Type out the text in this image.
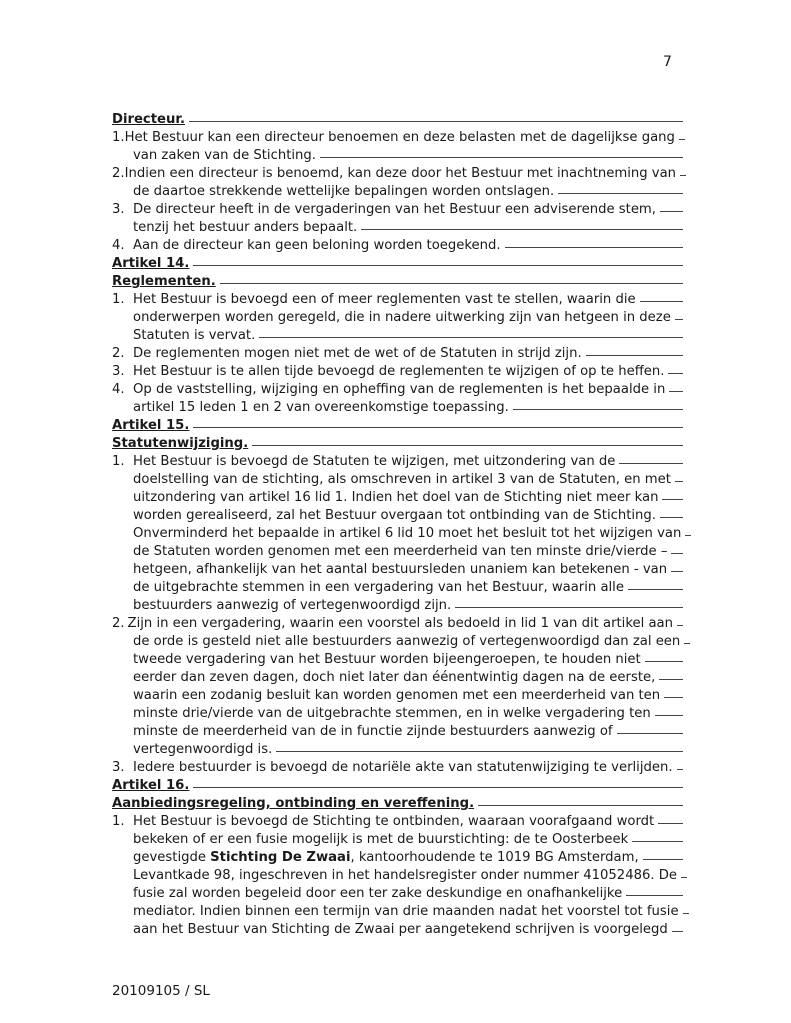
7
Directeur.
1. Het Bestuur kan een directeur benoemen en deze belasten met de dagelijkse gang
van zaken van de Stichting.
2. Indien een directeur is benoemd, kan deze door het Bestuur met inachtneming van
de daartoe strekkende wettelijke bepalingen worden ontslagen.
3. De directeur heeft in de vergaderingen van het Bestuur een adviserende stem,
tenzij het bestuur anders bepaalt.
4. Aan de directeur kan geen beloning worden toegekend.
Artikel 14.
Reglementen.
1. Het Bestuur is bevoegd een of meer reglementen vast te stellen, waarin die
onderwerpen worden geregeld, die in nadere uitwerking zijn van hetgeen in deze
Statuten is vervat.
2. De reglementen mogen niet met de wet of de Statuten in strijd zijn.
3. Het Bestuur is te allen tijde bevoegd de reglementen te wijzigen of op te heffen.
4. Op de vaststelling, wijziging en opheffing van de reglementen is het bepaalde in
artikel 15 leden 1 en 2 van overeenkomstige toepassing.
Artikel 15.
Statutenwijziging.
1. Het Bestuur is bevoegd de Statuten te wijzigen, met uitzondering van de
doelstelling van de stichting, als omschreven in artikel 3 van de Statuten, en met
uitzondering van artikel 16 lid 1. Indien het doel van de Stichting niet meer kan
worden gerealiseerd, zal het Bestuur overgaan tot ontbinding van de Stichting.
Onverminderd het bepaalde in artikel 6 lid 10 moet het besluit tot het wijzigen van
de Statuten worden genomen met een meerderheid van ten minste drie/vierde –
hetgeen, afhankelijk van het aantal bestuursleden unaniem kan betekenen - van
de uitgebrachte stemmen in een vergadering van het Bestuur, waarin alle
bestuurders aanwezig of vertegenwoordigd zijn.
2. Zijn in een vergadering, waarin een voorstel als bedoeld in lid 1 van dit artikel aan
de orde is gesteld niet alle bestuurders aanwezig of vertegenwoordigd dan zal een
tweede vergadering van het Bestuur worden bijeengeroepen, te houden niet
eerder dan zeven dagen, doch niet later dan éénentwintig dagen na de eerste,
waarin een zodanig besluit kan worden genomen met een meerderheid van ten
minste drie/vierde van de uitgebrachte stemmen, en in welke vergadering ten
minste de meerderheid van de in functie zijnde bestuurders aanwezig of
vertegenwoordigd is.
3. Iedere bestuurder is bevoegd de notariële akte van statutenwijziging te verlijden.
Artikel 16.
Aanbiedingsregeling, ontbinding en vereffening.
1. Het Bestuur is bevoegd de Stichting te ontbinden, waaraan voorafgaand wordt
bekeken of er een fusie mogelijk is met de buurstichting: de te Oosterbeek
gevestigde Stichting De Zwaai, kantoorhoudende te 1019 BG Amsterdam,
Levantkade 98, ingeschreven in het handelsregister onder nummer 41052486. De
fusie zal worden begeleid door een ter zake deskundige en onafhankelijke
mediator. Indien binnen een termijn van drie maanden nadat het voorstel tot fusie
aan het Bestuur van Stichting de Zwaai per aangetekend schrijven is voorgelegd
20109105 / SL
